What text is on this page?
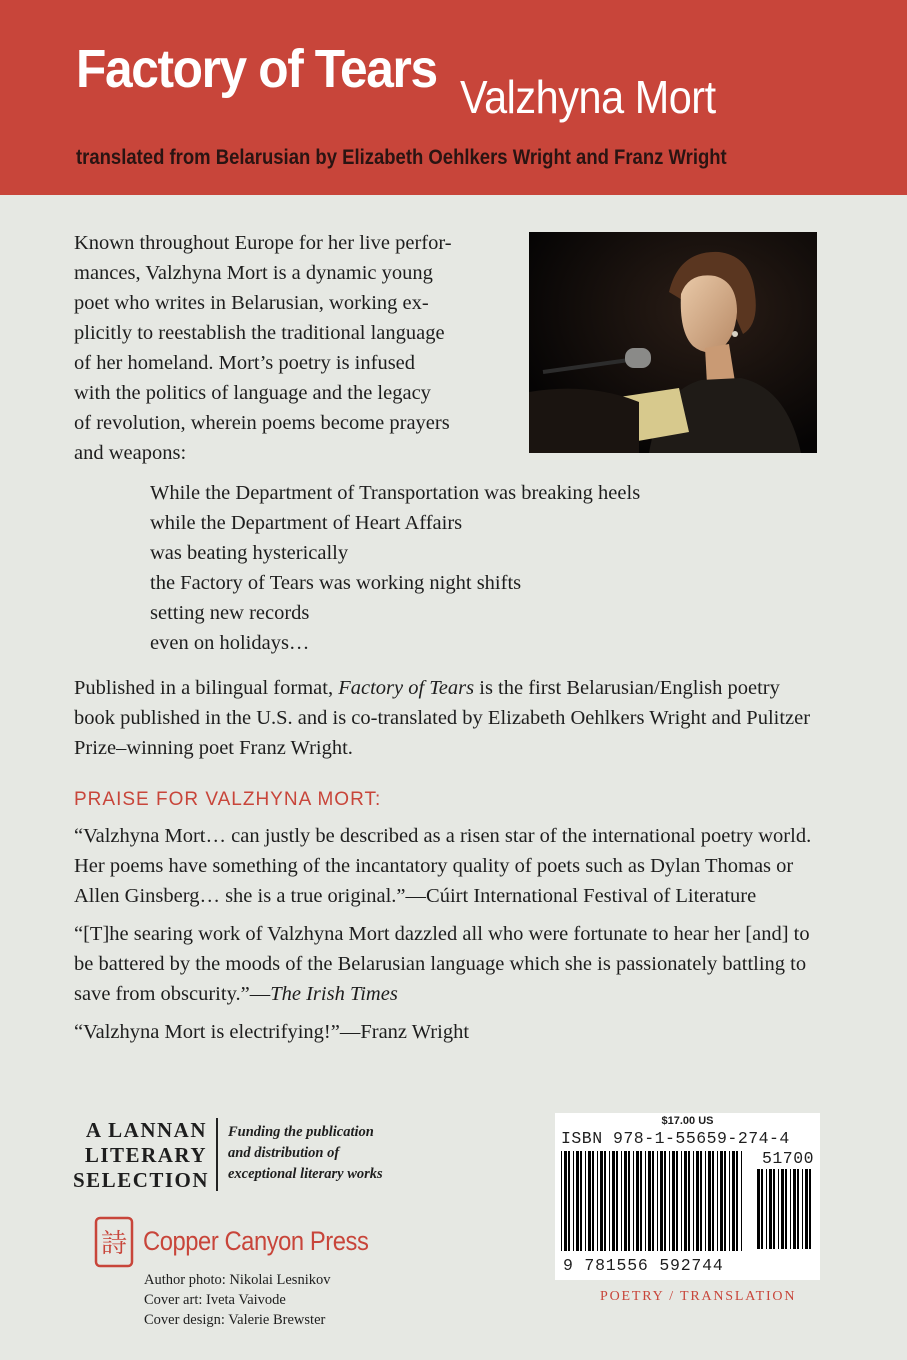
Factory of Tears Valzhyna Mort
translated from Belarusian by Elizabeth Oehlkers Wright and Franz Wright
Known throughout Europe for her live perfor-
mances, Valzhyna Mort is a dynamic young
poet who writes in Belarusian, working ex-
plicitly to reestablish the traditional language
of her homeland. Mort’s poetry is infused
with the politics of language and the legacy
of revolution, wherein poems become prayers
and weapons:
While the Department of Transportation was breaking heels
while the Department of Heart Affairs
was beating hysterically
the Factory of Tears was working night shifts
setting new records
even on holidays…
Published in a bilingual format, Factory of Tears is the first Belarusian/English poetry book published in the U.S. and is co-translated by Elizabeth Oehlkers Wright and Pulitzer Prize–winning poet Franz Wright.
PRAISE FOR VALZHYNA MORT:
“Valzhyna Mort… can justly be described as a risen star of the international poetry world. Her poems have something of the incantatory quality of poets such as Dylan Thomas or Allen Ginsberg… she is a true original.”—Cúirt International Festival of Literature
“[T]he searing work of Valzhyna Mort dazzled all who were fortunate to hear her [and] to be battered by the moods of the Belarusian language which she is passionately battling to save from obscurity.”—The Irish Times
“Valzhyna Mort is electrifying!”—Franz Wright
A LANNAN
LITERARY
SELECTION
Funding the publication
and distribution of
exceptional literary works
詩 Copper Canyon Press
Author photo: Nikolai Lesnikov
Cover art: Iveta Vaivode
Cover design: Valerie Brewster
$17.00 US
ISBN 978-1-55659-274-4
51700
9 781556 592744
POETRY / TRANSLATION
